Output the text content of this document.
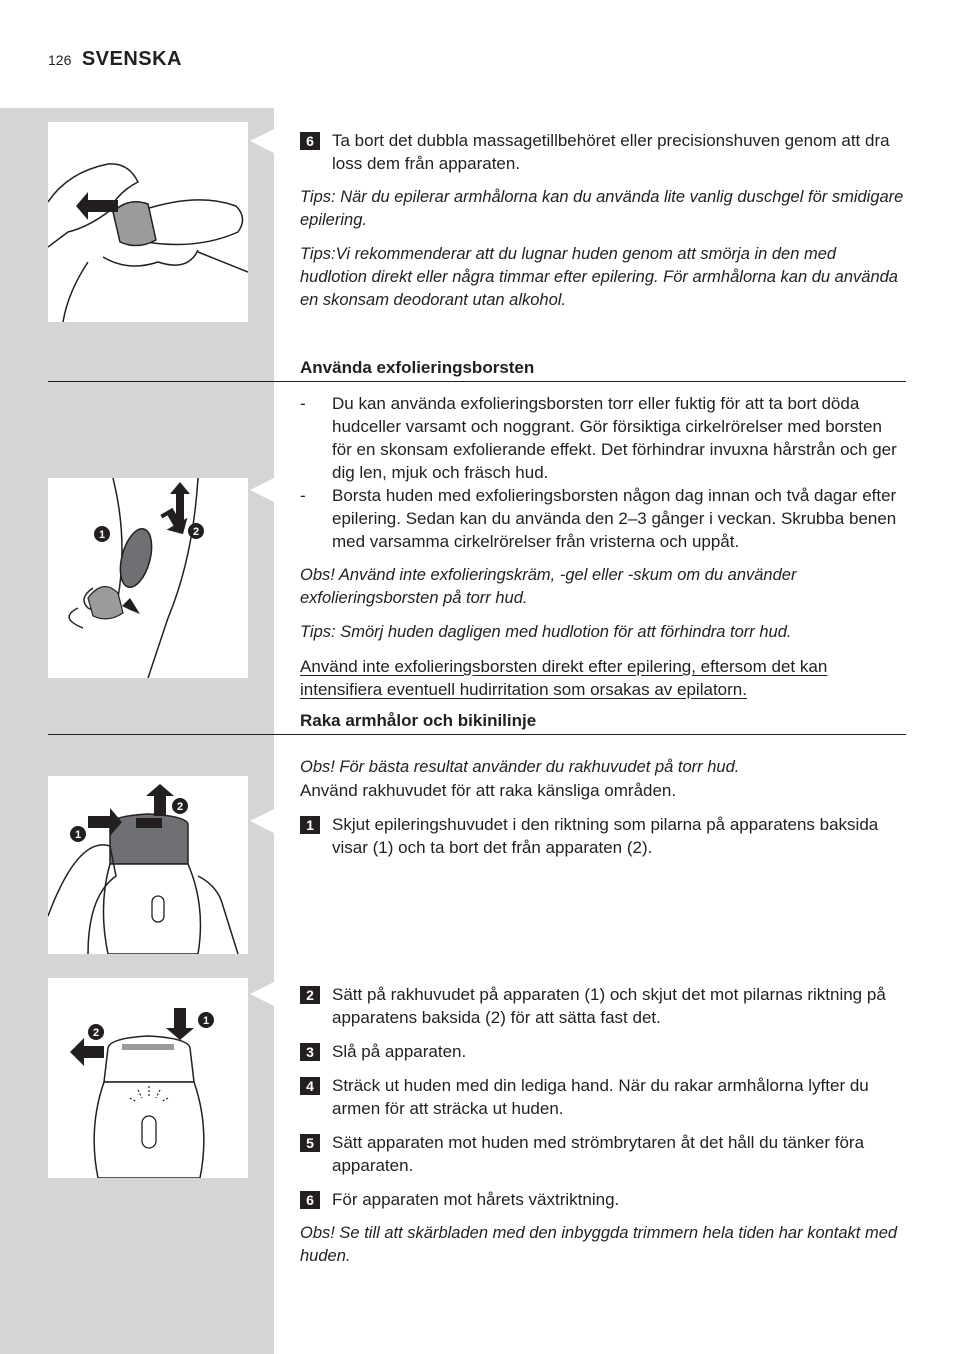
126 SVENSKA
1	2
1
2
1
2
6	Ta bort det dubbla massagetillbehöret eller precisionshuven genom att dra loss dem från apparaten.
Tips: När du epilerar armhålorna kan du använda lite vanlig duschgel för smidigare epilering.
Tips:Vi rekommenderar att du lugnar huden genom att smörja in den med hudlotion direkt eller några timmar efter epilering. För armhålorna kan du använda en skonsam deodorant utan alkohol.
Använda exfolieringsborsten
-	Du kan använda exfolieringsborsten torr eller fuktig för att ta bort döda hudceller varsamt och noggrant. Gör försiktiga cirkelrörelser med borsten för en skonsam exfolierande effekt. Det förhindrar invuxna hårstrån och ger dig len, mjuk och fräsch hud.
-	Borsta huden med exfolieringsborsten någon dag innan och två dagar efter epilering. Sedan kan du använda den 2–3 gånger i veckan. Skrubba benen med varsamma cirkelrörelser från vristerna och uppåt.
Obs! Använd inte exfolieringskräm, -gel eller -skum om du använder exfolieringsborsten på torr hud.
Tips: Smörj huden dagligen med hudlotion för att förhindra torr hud.
Använd inte exfolieringsborsten direkt efter epilering, eftersom det kan intensifiera eventuell hudirritation som orsakas av epilatorn.
Raka armhålor och bikinilinje
Obs! För bästa resultat använder du rakhuvudet på torr hud.
Använd rakhuvudet för att raka känsliga områden.
1	Skjut epileringshuvudet i den riktning som pilarna på apparatens baksida visar (1) och ta bort det från apparaten (2).
2	Sätt på rakhuvudet på apparaten (1) och skjut det mot pilarnas riktning på apparatens baksida (2) för att sätta fast det.
3	Slå på apparaten.
4	Sträck ut huden med din lediga hand. När du rakar armhålorna lyfter du armen för att sträcka ut huden.
5	Sätt apparaten mot huden med strömbrytaren åt det håll du tänker föra apparaten.
6	För apparaten mot hårets växtriktning.
Obs! Se till att skärbladen med den inbyggda trimmern hela tiden har kontakt med huden.
